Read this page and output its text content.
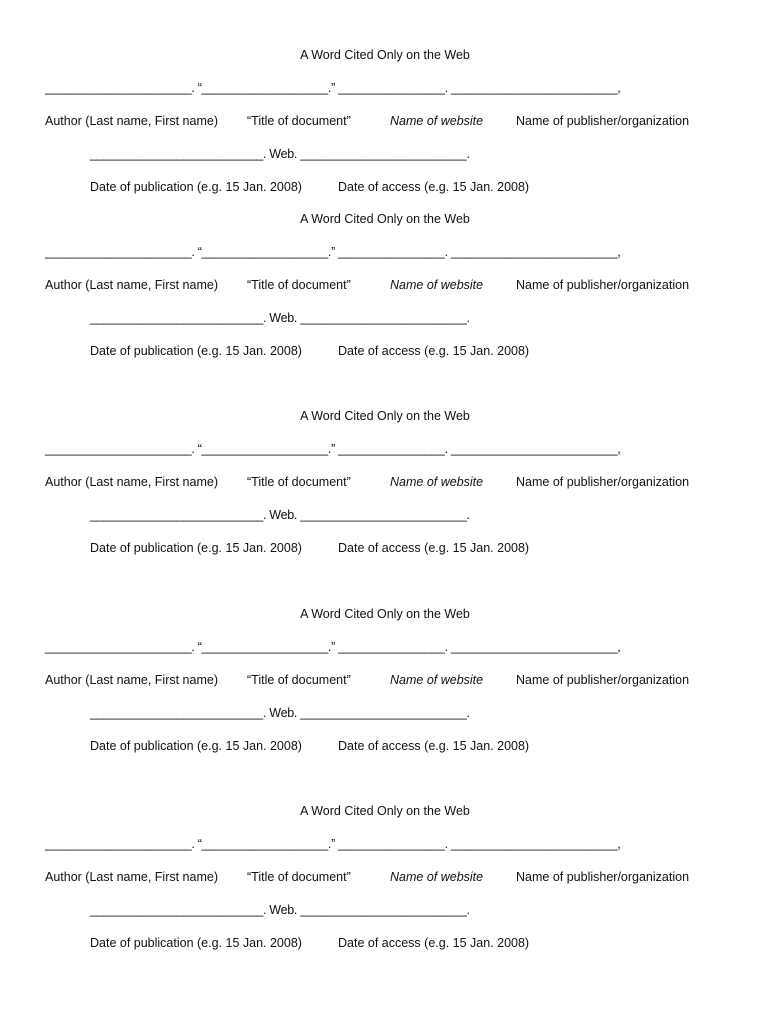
A Word Cited Only on the Web
______________________. “___________________.” ________________. _________________________,
Author (Last name, First name) “Title of document”	Name of website	Name of publisher/organization
__________________________. Web. _________________________.
Date of publication (e.g. 15 Jan. 2008)	Date of access (e.g. 15 Jan. 2008)
A Word Cited Only on the Web
______________________. “___________________.” ________________. _________________________,
Author (Last name, First name) “Title of document”	Name of website	Name of publisher/organization
__________________________. Web. _________________________.
Date of publication (e.g. 15 Jan. 2008)	Date of access (e.g. 15 Jan. 2008)
A Word Cited Only on the Web
______________________. “___________________.” ________________. _________________________,
Author (Last name, First name) “Title of document”	Name of website	Name of publisher/organization
__________________________. Web. _________________________.
Date of publication (e.g. 15 Jan. 2008)	Date of access (e.g. 15 Jan. 2008)
A Word Cited Only on the Web
______________________. “___________________.” ________________. _________________________,
Author (Last name, First name) “Title of document”	Name of website	Name of publisher/organization
__________________________. Web. _________________________.
Date of publication (e.g. 15 Jan. 2008)	Date of access (e.g. 15 Jan. 2008)
A Word Cited Only on the Web
______________________. “___________________.” ________________. _________________________,
Author (Last name, First name) “Title of document”	Name of website	Name of publisher/organization
__________________________. Web. _________________________.
Date of publication (e.g. 15 Jan. 2008)	Date of access (e.g. 15 Jan. 2008)
